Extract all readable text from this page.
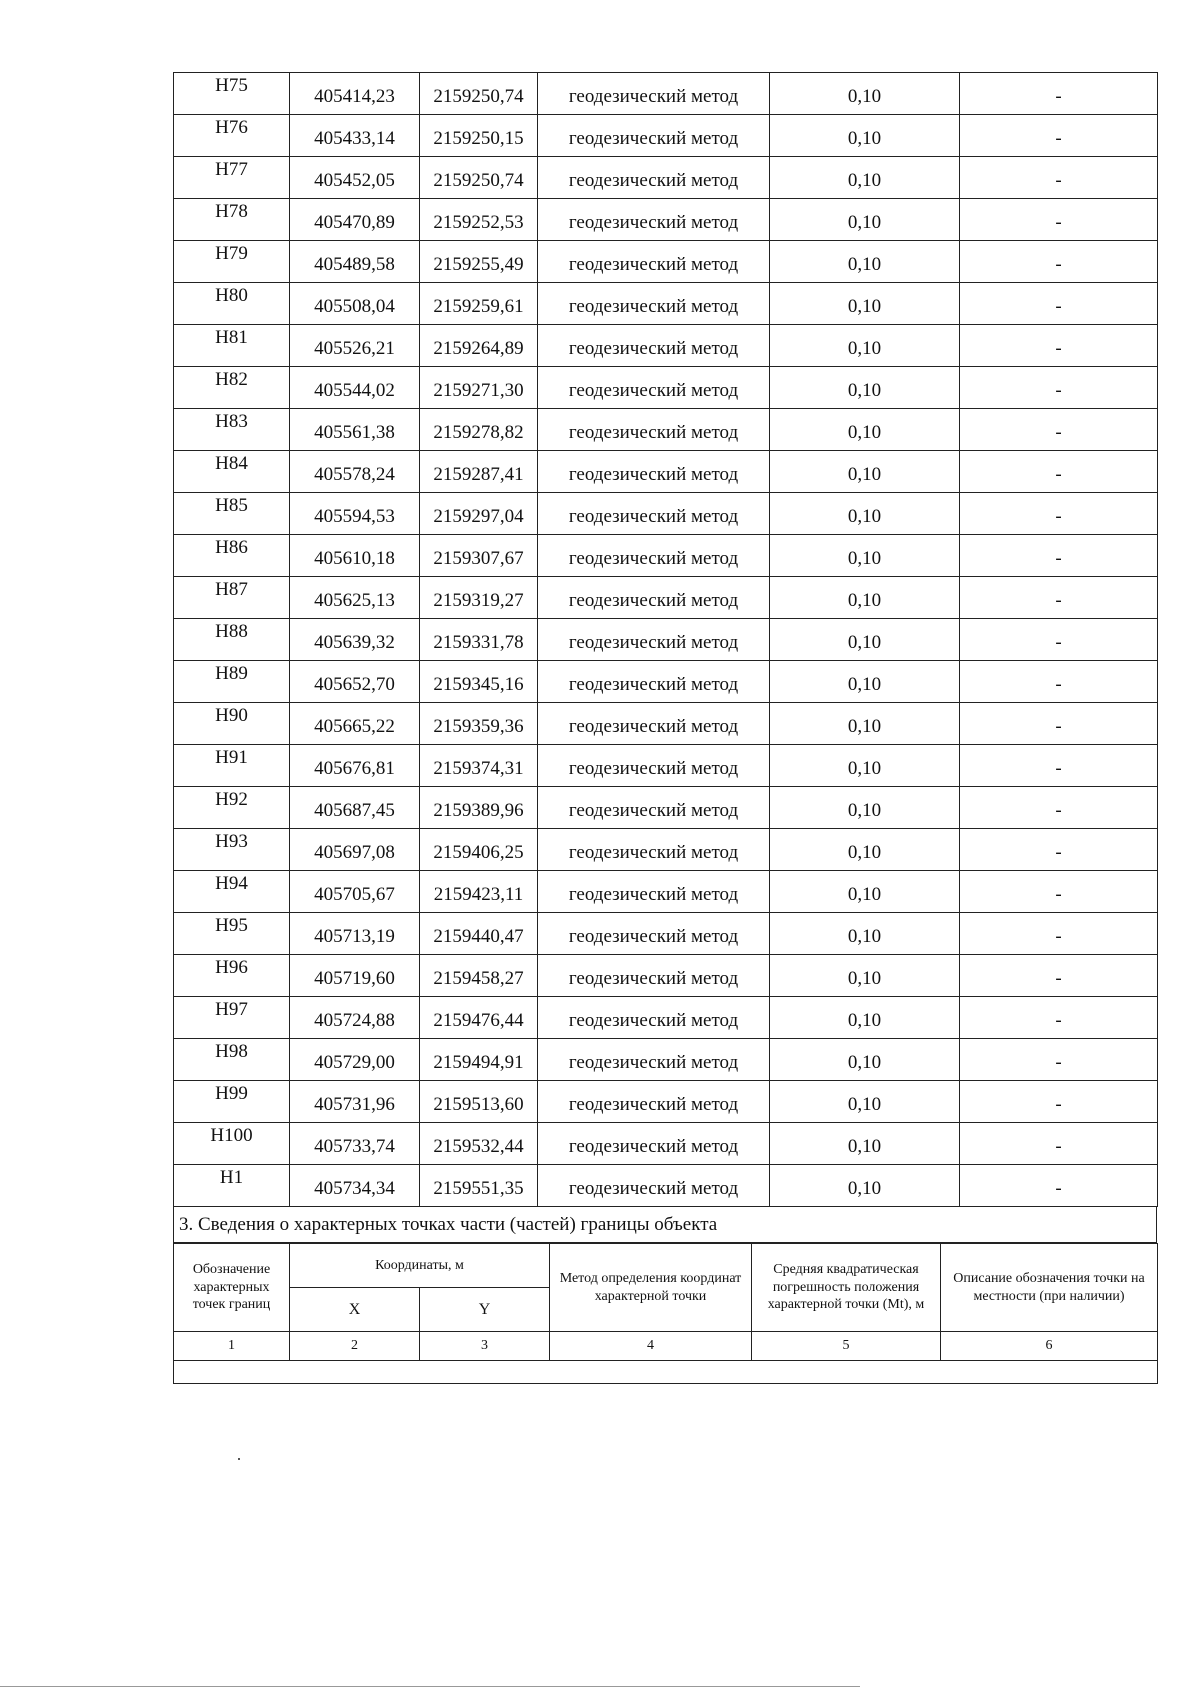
Н75	405414,23	2159250,74	геодезический метод	0,10	-
Н76	405433,14	2159250,15	геодезический метод	0,10	-
Н77	405452,05	2159250,74	геодезический метод	0,10	-
Н78	405470,89	2159252,53	геодезический метод	0,10	-
Н79	405489,58	2159255,49	геодезический метод	0,10	-
Н80	405508,04	2159259,61	геодезический метод	0,10	-
Н81	405526,21	2159264,89	геодезический метод	0,10	-
Н82	405544,02	2159271,30	геодезический метод	0,10	-
Н83	405561,38	2159278,82	геодезический метод	0,10	-
Н84	405578,24	2159287,41	геодезический метод	0,10	-
Н85	405594,53	2159297,04	геодезический метод	0,10	-
Н86	405610,18	2159307,67	геодезический метод	0,10	-
Н87	405625,13	2159319,27	геодезический метод	0,10	-
Н88	405639,32	2159331,78	геодезический метод	0,10	-
Н89	405652,70	2159345,16	геодезический метод	0,10	-
Н90	405665,22	2159359,36	геодезический метод	0,10	-
Н91	405676,81	2159374,31	геодезический метод	0,10	-
Н92	405687,45	2159389,96	геодезический метод	0,10	-
Н93	405697,08	2159406,25	геодезический метод	0,10	-
Н94	405705,67	2159423,11	геодезический метод	0,10	-
Н95	405713,19	2159440,47	геодезический метод	0,10	-
Н96	405719,60	2159458,27	геодезический метод	0,10	-
Н97	405724,88	2159476,44	геодезический метод	0,10	-
Н98	405729,00	2159494,91	геодезический метод	0,10	-
Н99	405731,96	2159513,60	геодезический метод	0,10	-
Н100	405733,74	2159532,44	геодезический метод	0,10	-
Н1	405734,34	2159551,35	геодезический метод	0,10	-
3. Сведения о характерных точках части (частей) границы объекта
Обозначение характерных точек границ	Координаты, м		Метод определения координат характерной точки	Средняя квадратическая погрешность положения характерной точки (Mt), м	Описание обозначения точки на местности (при наличии)
	X	Y			
1	2	3	4	5	6
